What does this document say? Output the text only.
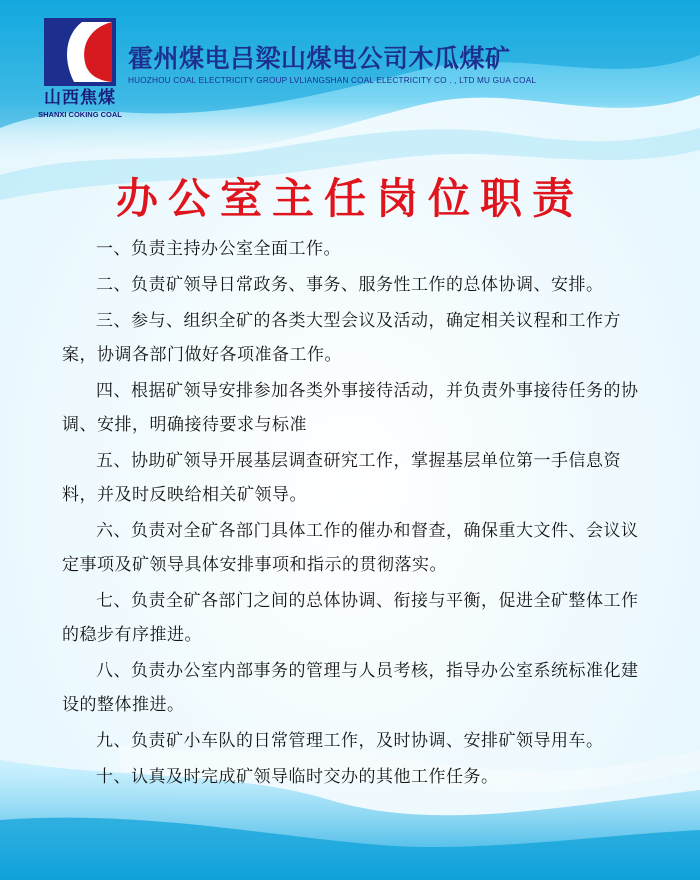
山西焦煤
SHANXI COKING COAL
霍州煤电吕梁山煤电公司木瓜煤矿
HUOZHOU COAL ELECTRICITY GROUP LVLIANGSHAN COAL ELECTRICITY CO . , LTD MU GUA COAL
办公室主任岗位职责
一、负责主持办公室全面工作。
二、负责矿领导日常政务、事务、服务性工作的总体协调、安排。
三、参与、组织全矿的各类大型会议及活动，确定相关议程和工作方案，协调各部门做好各项准备工作。
四、根据矿领导安排参加各类外事接待活动，并负责外事接待任务的协调、安排，明确接待要求与标准
五、协助矿领导开展基层调查研究工作，掌握基层单位第一手信息资料，并及时反映给相关矿领导。
六、负责对全矿各部门具体工作的催办和督查，确保重大文件、会议议定事项及矿领导具体安排事项和指示的贯彻落实。
七、负责全矿各部门之间的总体协调、衔接与平衡，促进全矿整体工作的稳步有序推进。
八、负责办公室内部事务的管理与人员考核，指导办公室系统标准化建设的整体推进。
九、负责矿小车队的日常管理工作，及时协调、安排矿领导用车。
十、认真及时完成矿领导临时交办的其他工作任务。
